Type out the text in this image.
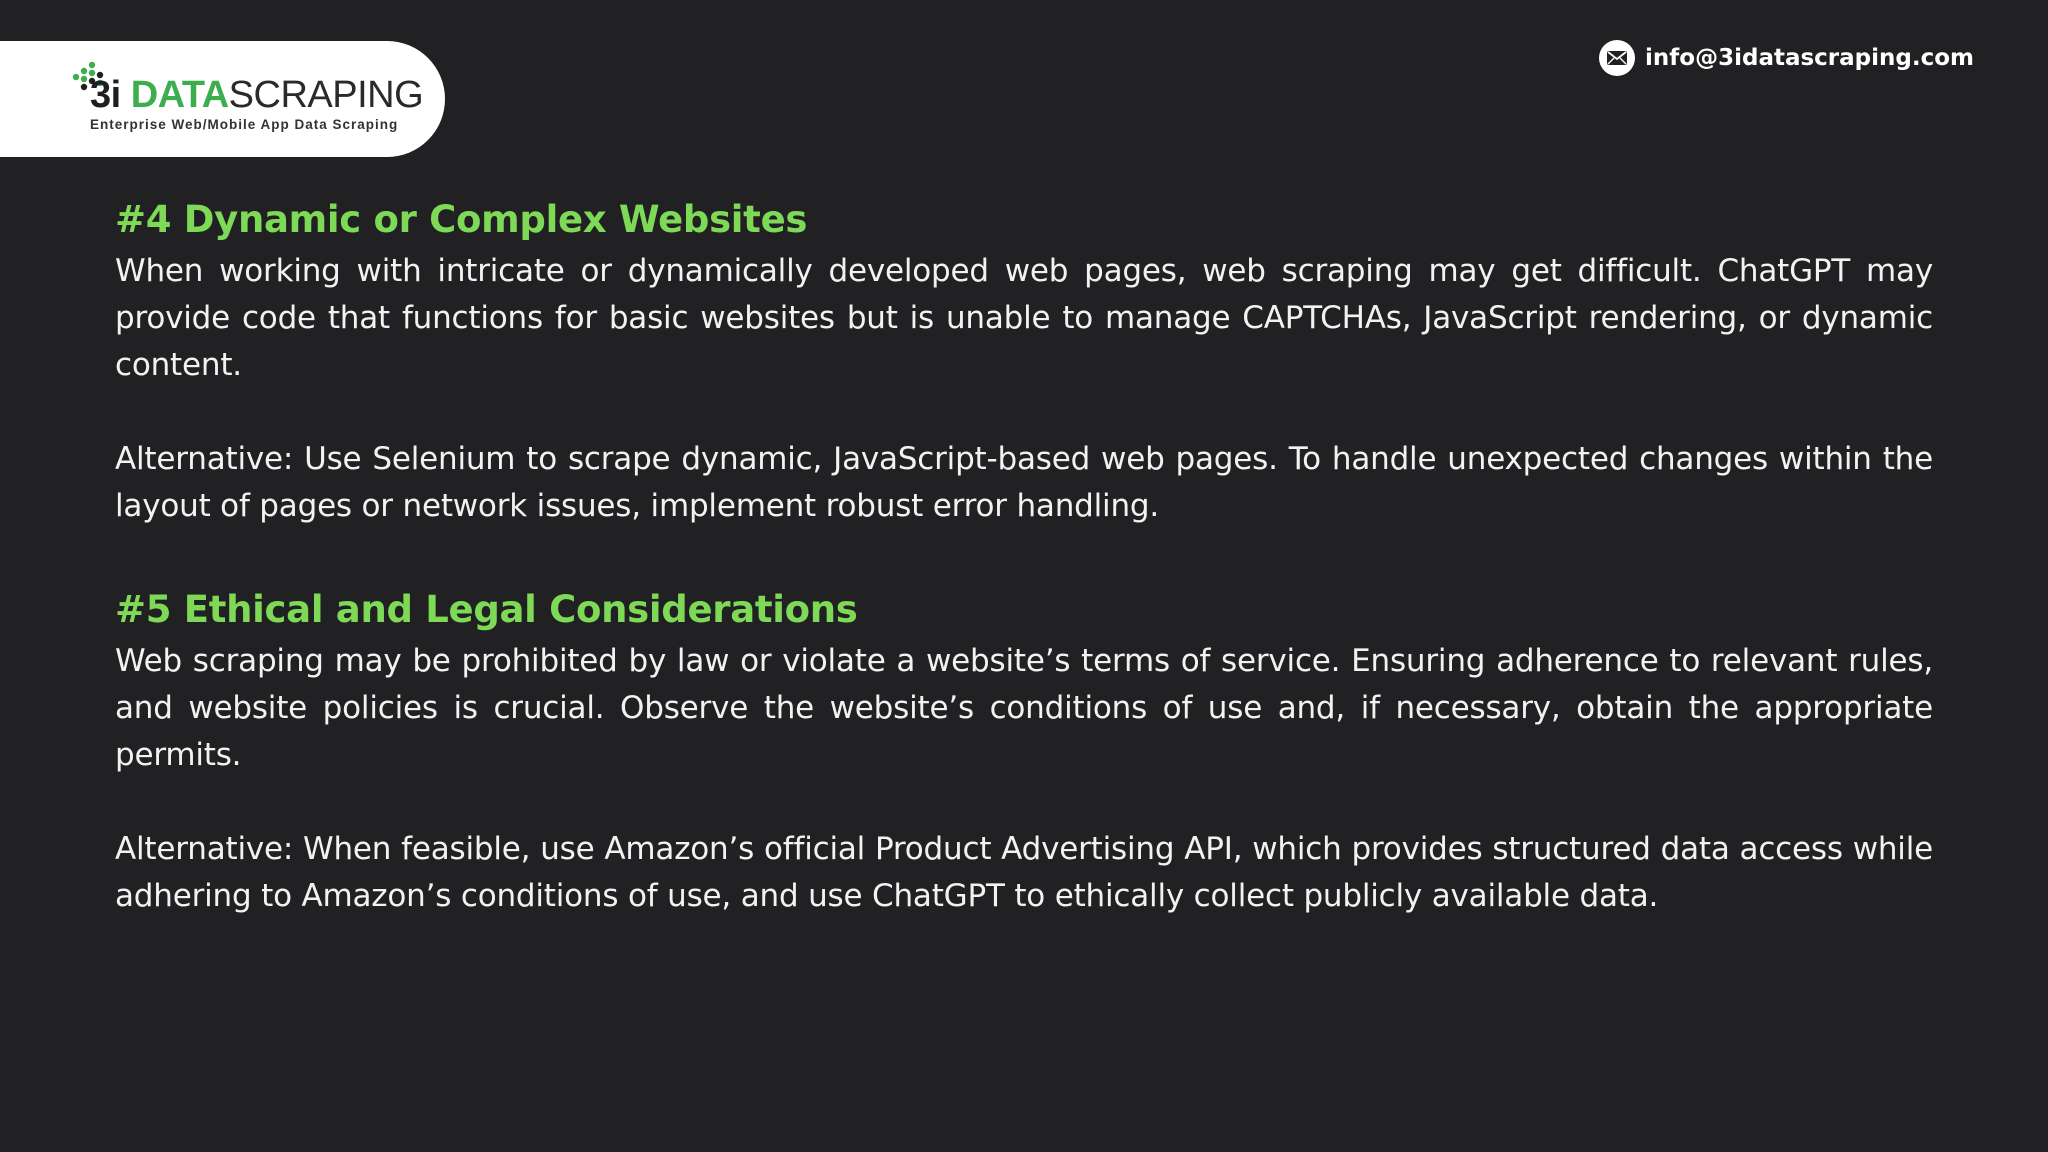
3i DATASCRAPING
Enterprise Web/Mobile App Data Scraping
info@3idatascraping.com
#4 Dynamic or Complex Websites

When working with intricate or dynamically developed web pages, web scraping may get difficult. ChatGPT may provide code that functions for basic websites but is unable to manage CAPTCHAs, JavaScript rendering, or dynamic content.

Alternative: Use Selenium to scrape dynamic, JavaScript-based web pages. To handle unexpected changes within the layout of pages or network issues, implement robust error handling.

#5 Ethical and Legal Considerations

Web scraping may be prohibited by law or violate a website’s terms of service. Ensuring adherence to relevant rules, and website policies is crucial. Observe the website’s conditions of use and, if necessary, obtain the appropriate permits.

Alternative: When feasible, use Amazon’s official Product Advertising API, which provides structured data access while adhering to Amazon’s conditions of use, and use ChatGPT to ethically collect publicly available data.
